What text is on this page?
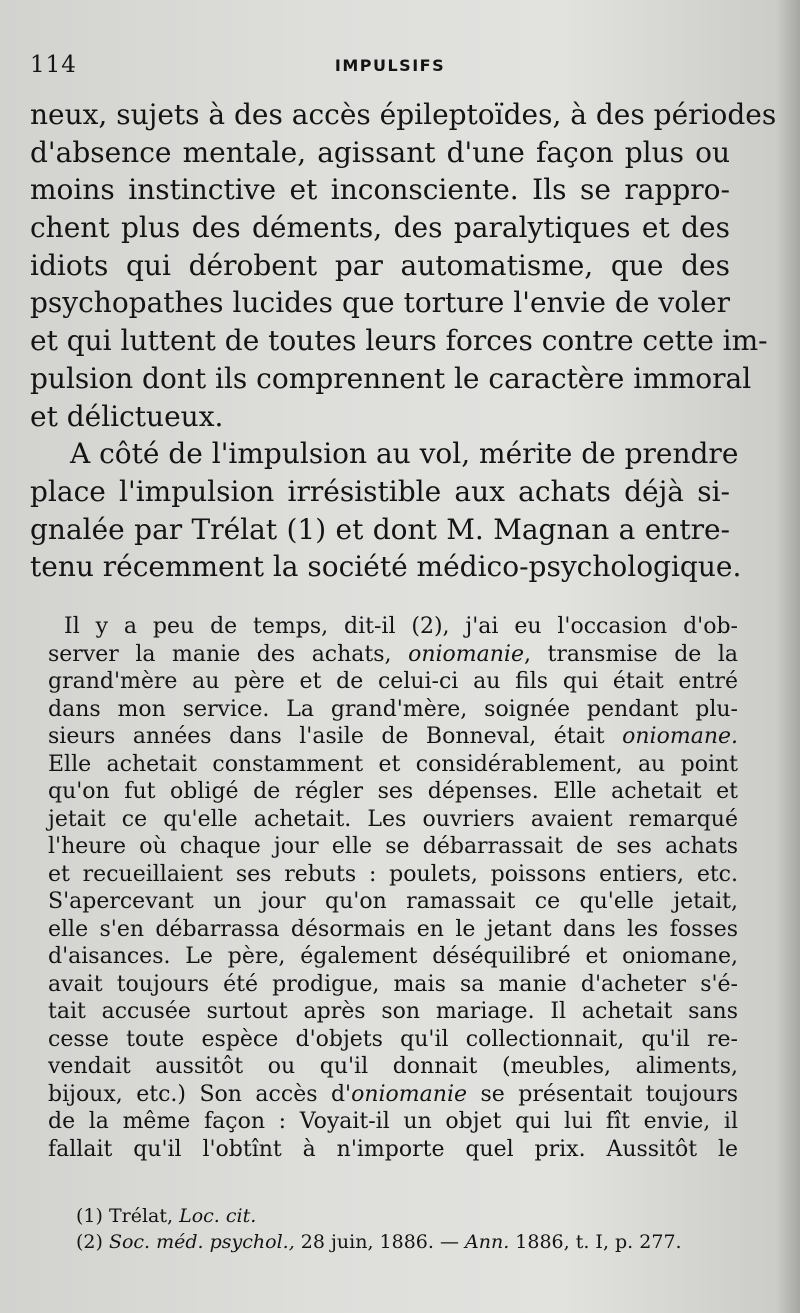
114	IMPULSIFS
neux, sujets à des accès épileptoïdes, à des périodes
d'absence mentale, agissant d'une façon plus ou
moins instinctive et inconsciente. Ils se rappro-
chent plus des déments, des paralytiques et des
idiots qui dérobent par automatisme, que des
psychopathes lucides que torture l'envie de voler
et qui luttent de toutes leurs forces contre cette im-
pulsion dont ils comprennent le caractère immoral
et délictueux.
A côté de l'impulsion au vol, mérite de prendre
place l'impulsion irrésistible aux achats déjà si-
gnalée par Trélat (1) et dont M. Magnan a entre-
tenu récemment la société médico-psychologique.
Il y a peu de temps, dit-il (2), j'ai eu l'occasion d'ob-
server la manie des achats, oniomanie, transmise de la
grand'mère au père et de celui-ci au fils qui était entré
dans mon service. La grand'mère, soignée pendant plu-
sieurs années dans l'asile de Bonneval, était oniomane.
Elle achetait constamment et considérablement, au point
qu'on fut obligé de régler ses dépenses. Elle achetait et
jetait ce qu'elle achetait. Les ouvriers avaient remarqué
l'heure où chaque jour elle se débarrassait de ses achats
et recueillaient ses rebuts : poulets, poissons entiers, etc.
S'apercevant un jour qu'on ramassait ce qu'elle jetait,
elle s'en débarrassa désormais en le jetant dans les fosses
d'aisances. Le père, également déséquilibré et oniomane,
avait toujours été prodigue, mais sa manie d'acheter s'é-
tait accusée surtout après son mariage. Il achetait sans
cesse toute espèce d'objets qu'il collectionnait, qu'il re-
vendait aussitôt ou qu'il donnait (meubles, aliments,
bijoux, etc.) Son accès d'oniomanie se présentait toujours
de la même façon : Voyait-il un objet qui lui fît envie, il
fallait qu'il l'obtînt à n'importe quel prix. Aussitôt le
(1) Trélat, Loc. cit.
(2) Soc. méd. psychol., 28 juin, 1886. — Ann. 1886, t. I, p. 277.
